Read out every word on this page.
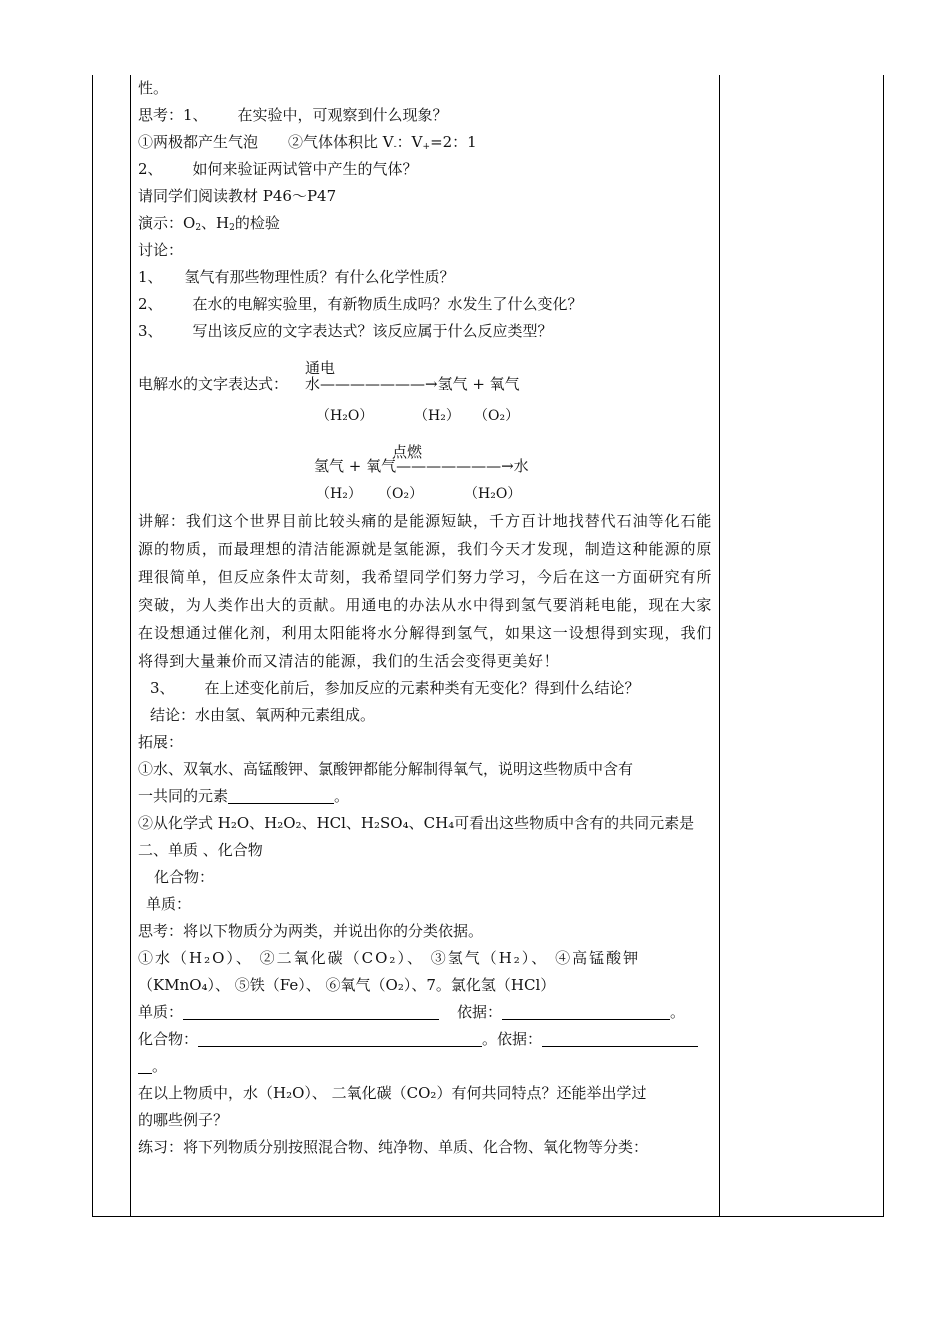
性。

思考：1、 在实验中，可观察到什么现象？

①两极都产生气泡 ②气体体积比 $V_-$：$V_+=2$：1

2、 如何来验证两试管中产生的气体？

请同学们阅读教材 P46～P47

演示：$O_2$、$H_2$的检验

讨论：

1、 氢气有那些物理性质？有什么化学性质？

2、 在水的电解实验里，有新物质生成吗？水发生了什么变化？

3、 写出该反应的文字表达式？该反应属于什么反应类型？

通电
电解水的文字表达式： 水———————→氢气 + 氧气
（H₂O）	（H₂） （O₂）
点燃
氢气 + 氧气———————→水
（H₂） （O₂）	（H₂O）

讲解：我们这个世界目前比较头痛的是能源短缺，千方百计地找替代石油等化石能源的物质，而最理想的清洁能源就是氢能源，我们今天才发现，制造这种能源的原理很简单，但反应条件太苛刻，我希望同学们努力学习，今后在这一方面研究有所突破，为人类作出大的贡献。用通电的办法从水中得到氢气要消耗电能，现在大家在设想通过催化剂，利用太阳能将水分解得到氢气，如果这一设想得到实现，我们将得到大量兼价而又清洁的能源，我们的生活会变得更美好！

3、 在上述变化前后，参加反应的元素种类有无变化？得到什么结论？

结论：水由氢、氧两种元素组成。

拓展：

①水、双氧水、高锰酸钾、氯酸钾都能分解制得氧气，说明这些物质中含有

一共同的元素	。

②从化学式 H₂O、H₂O₂、HCl、H₂SO₄、CH₄可看出这些物质中含有的共同元素是

二、单质 、化合物

化合物：

单质：

思考：将以下物质分为两类，并说出你的分类依据。

①水（H₂O）、 ②二氧化碳（CO₂）、 ③氢气（H₂）、 ④高锰酸钾

（KMnO₄）、 ⑤铁（Fe）、 ⑥氧气（O₂）、7。氯化氢（HCl）

单质：	依据：	。

化合物：	。依据：

。

在以上物质中，水（H₂O）、 二氧化碳（CO₂）有何共同特点？还能举出学过

的哪些例子？

练习：将下列物质分别按照混合物、纯净物、单质、化合物、氧化物等分类：
